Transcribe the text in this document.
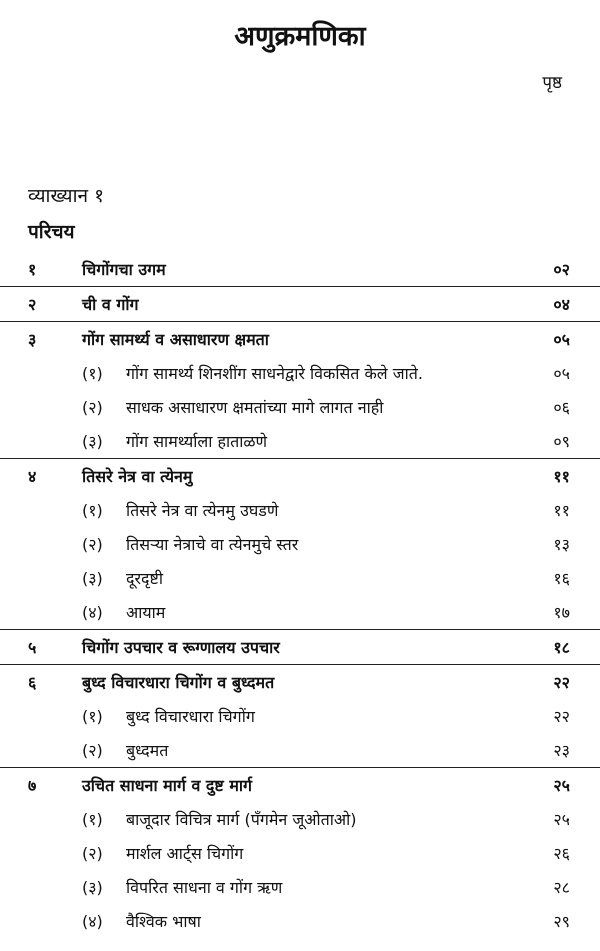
अणुक्रमणिका
पृष्ठ
व्याख्यान १
परिचय
१	चिगोंगचा उगम	०२
२	ची व गोंग	०४
३	गोंग सामर्थ्य व असाधारण क्षमता	०५
(१) गोंग सामर्थ्य शिनशींग साधनेद्वारे विकसित केले जाते.	०५
(२) साधक असाधारण क्षमतांच्या मागे लागत नाही	०६
(३) गोंग सामर्थ्याला हाताळणे	०९
४	तिसरे नेत्र वा त्येनमु	११
(१) तिसरे नेत्र वा त्येनमु उघडणे	११
(२) तिसऱ्या नेत्राचे वा त्येनमुचे स्तर	१३
(३) दूरदृष्टी	१६
(४) आयाम	१७
५	चिगोंग उपचार व रूग्णालय उपचार	१८
६	बुध्द विचारधारा चिगोंग व बुध्दमत	२२
(१) बुध्द विचारधारा चिगोंग	२२
(२) बुध्दमत	२३
७	उचित साधना मार्ग व दुष्ट मार्ग	२५
(१) बाजूदार विचित्र मार्ग (पँगमेन जूओताओ)	२५
(२) मार्शल आर्ट्स चिगोंग	२६
(३) विपरित साधना व गोंग ऋण	२८
(४) वैश्विक भाषा	२९
